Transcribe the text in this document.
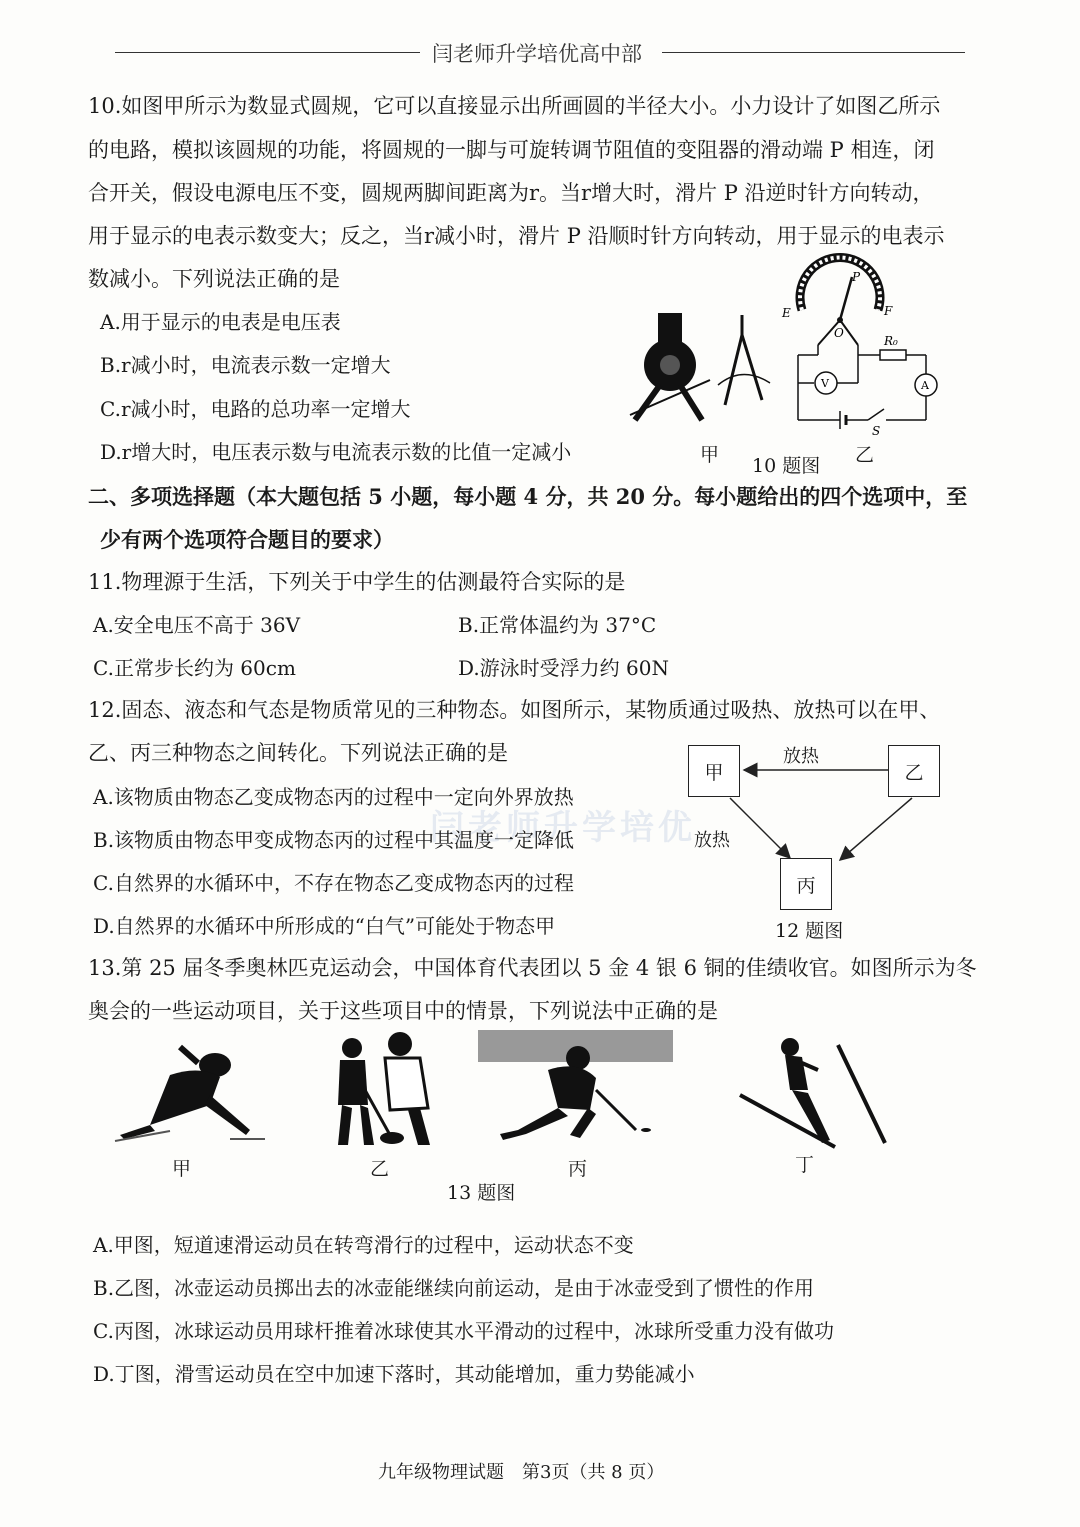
闫老师升学培优高中部
闫老师升学培优
10.如图甲所示为数显式圆规，它可以直接显示出所画圆的半径大小。小力设计了如图乙所示
的电路，模拟该圆规的功能，将圆规的一脚与可旋转调节阻值的变阻器的滑动端 P 相连，闭
合开关，假设电源电压不变，圆规两脚间距离为r。当r增大时，滑片 P 沿逆时针方向转动，
用于显示的电表示数变大；反之，当r减小时，滑片 P 沿顺时针方向转动，用于显示的电表示
数减小。下列说法正确的是
A.用于显示的电表是电压表
B.r减小时，电流表示数一定增大
C.r减小时，电路的总功率一定增大
D.r增大时，电压表示数与电流表示数的比值一定减小
P
E	F
O
R₀
V	A
S
甲 10 题图 乙
二、多项选择题（本大题包括 5 小题，每小题 4 分，共 20 分。每小题给出的四个选项中，至
少有两个选项符合题目的要求）
11.物理源于生活，下列关于中学生的估测最符合实际的是
A.安全电压不高于 36V	B.正常体温约为 37°C
C.正常步长约为 60cm	D.游泳时受浮力约 60N
12.固态、液态和气态是物质常见的三种物态。如图所示，某物质通过吸热、放热可以在甲、
乙、丙三种物态之间转化。下列说法正确的是
A.该物质由物态乙变成物态丙的过程中一定向外界放热
B.该物质由物态甲变成物态丙的过程中其温度一定降低
C.自然界的水循环中，不存在物态乙变成物态丙的过程
D.自然界的水循环中所形成的“白气”可能处于物态甲
甲	乙
丙
放热
放热
12 题图
13.第 25 届冬季奥林匹克运动会，中国体育代表团以 5 金 4 银 6 铜的佳绩收官。如图所示为冬
奥会的一些运动项目，关于这些项目中的情景，下列说法中正确的是
甲	乙	丙	丁
13 题图
A.甲图，短道速滑运动员在转弯滑行的过程中，运动状态不变
B.乙图，冰壶运动员掷出去的冰壶能继续向前运动，是由于冰壶受到了惯性的作用
C.丙图，冰球运动员用球杆推着冰球使其水平滑动的过程中，冰球所受重力没有做功
D.丁图，滑雪运动员在空中加速下落时，其动能增加，重力势能减小
九年级物理试题　第3页（共 8 页）
